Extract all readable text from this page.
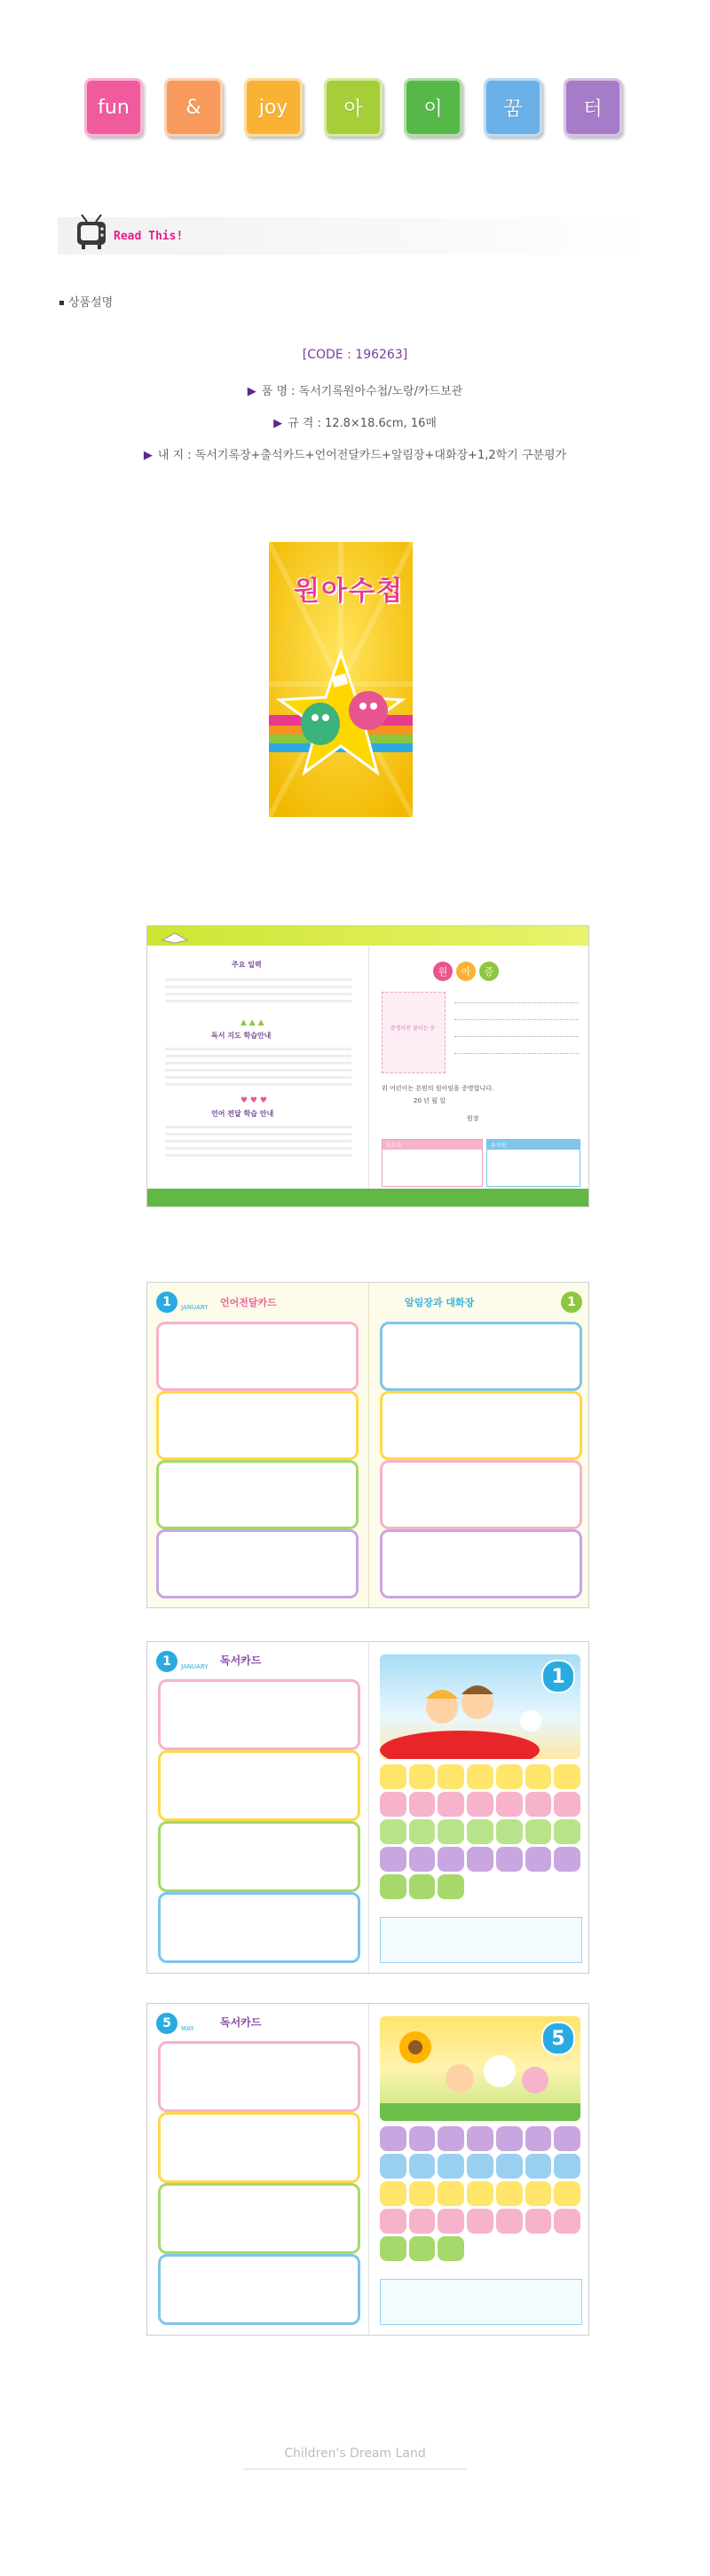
fun	&	joy	아	이	꿈	터
Read This!
상품설명
[CODE : 196263]
▶ 품 명 : 독서기록원아수첩/노랑/카드보관
▶ 규 격 : 12.8×18.6cm, 16매
▶ 내 지 : 독서기록장+출석카드+언어전달카드+알림장+대화장+1,2학기 구분평가
원아수첩
주요 일력
▲ ▲ ▲
독서 지도 학습안내
♥ ♥ ♥
언어 전달 학습 안내
원	아	증
증명사진 붙이는 곳
위 어린이는 본원의 원아임을 증명합니다.
20 년 월 일
원장
보호자	유치원
1	JANUARY 언어전달카드	알림장과 대화장	1
1 JANUARY 독서카드
1
5 MAY 독서카드
5
Children's Dream Land
